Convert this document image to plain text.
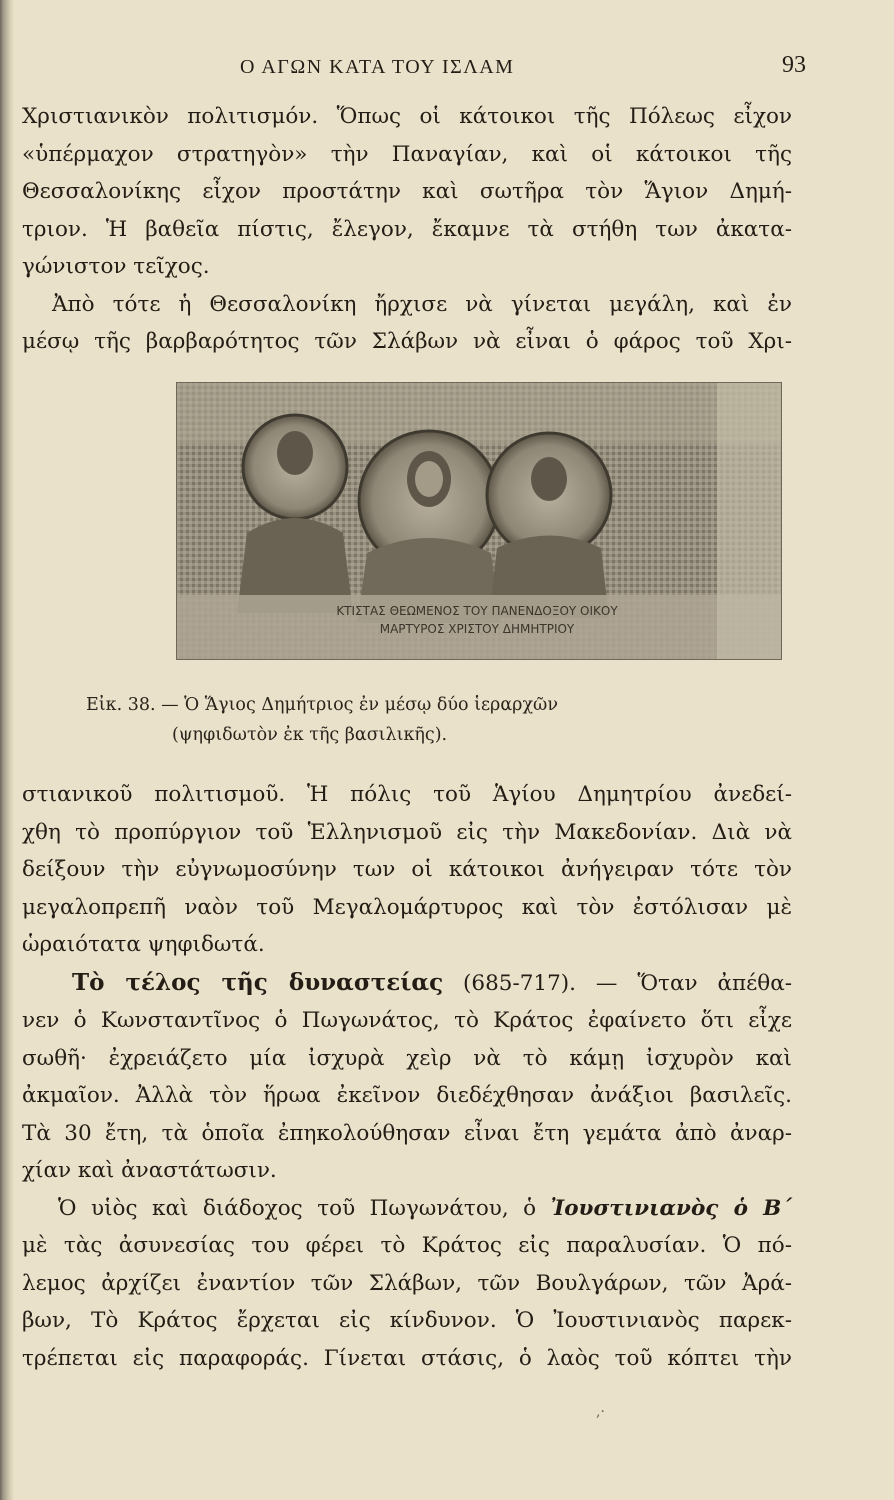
Ο ΑΓΩΝ ΚΑΤΑ ΤΟΥ ΙΣΛΑΜ	93
Χριστιανικὸν πολιτισμόν. Ὅπως οἱ κάτοικοι τῆς Πόλεως εἶχον
«ὑπέρμαχον στρατηγὸν» τὴν Παναγίαν, καὶ οἱ κάτοικοι τῆς
Θεσσαλονίκης εἶχον προστάτην καὶ σωτῆρα τὸν Ἅγιον Δημή-
τριον. Ἡ βαθεῖα πίστις, ἔλεγον, ἔκαμνε τὰ στήθη των ἀκατα-
γώνιστον τεῖχος.
Ἀπὸ τότε ἡ Θεσσαλονίκη ἤρχισε νὰ γίνεται μεγάλη, καὶ ἐν
μέσῳ τῆς βαρβαρότητος τῶν Σλάβων νὰ εἶναι ὁ φάρος τοῦ Χρι-
ΚΤΙΣΤΑΣ ΘΕΩΜΕΝΟΣ ΤΟΥ ΠΑΝΕΝΔΟΞΟΥ ΟΙΚΟΥ
ΜΑΡΤΥΡΟΣ ΧΡΙΣΤΟΥ ΔΗΜΗΤΡΙΟΥ
Εἰκ. 38. — Ὁ Ἅγιος Δημήτριος ἐν μέσῳ δύο ἱεραρχῶν
(ψηφιδωτὸν ἐκ τῆς βασιλικῆς).
στιανικοῦ πολιτισμοῦ. Ἡ πόλις τοῦ Ἁγίου Δημητρίου ἀνεδεί-
χθη τὸ προπύργιον τοῦ Ἑλληνισμοῦ εἰς τὴν Μακεδονίαν. Διὰ νὰ
δείξουν τὴν εὐγνωμοσύνην των οἱ κάτοικοι ἀνήγειραν τότε τὸν
μεγαλοπρεπῆ ναὸν τοῦ Μεγαλομάρτυρος καὶ τὸν ἐστόλισαν μὲ
ὡραιότατα ψηφιδωτά.
Τὸ τέλος τῆς δυναστείας (685-717). — Ὅταν ἀπέθα-
νεν ὁ Κωνσταντῖνος ὁ Πωγωνάτος, τὸ Κράτος ἐφαίνετο ὅτι εἶχε
σωθῆ· ἐχρειάζετο μία ἰσχυρὰ χεὶρ νὰ τὸ κάμῃ ἰσχυρὸν καὶ
ἀκμαῖον. Ἀλλὰ τὸν ἥρωα ἐκεῖνον διεδέχθησαν ἀνάξιοι βασιλεῖς.
Τὰ 30 ἔτη, τὰ ὁποῖα ἐπηκολούθησαν εἶναι ἔτη γεμάτα ἀπὸ ἀναρ-
χίαν καὶ ἀναστάτωσιν.
Ὁ υἱὸς καὶ διάδοχος τοῦ Πωγωνάτου, ὁ Ἰουστινιανὸς ὁ Β´
μὲ τὰς ἀσυνεσίας του φέρει τὸ Κράτος εἰς παραλυσίαν. Ὁ πό-
λεμος ἀρχίζει ἐναντίον τῶν Σλάβων, τῶν Βουλγάρων, τῶν Ἀρά-
βων, Τὸ Κράτος ἔρχεται εἰς κίνδυνον. Ὁ Ἰουστινιανὸς παρεκ-
τρέπεται εἰς παραφοράς. Γίνεται στάσις, ὁ λαὸς τοῦ κόπτει τὴν
,·
